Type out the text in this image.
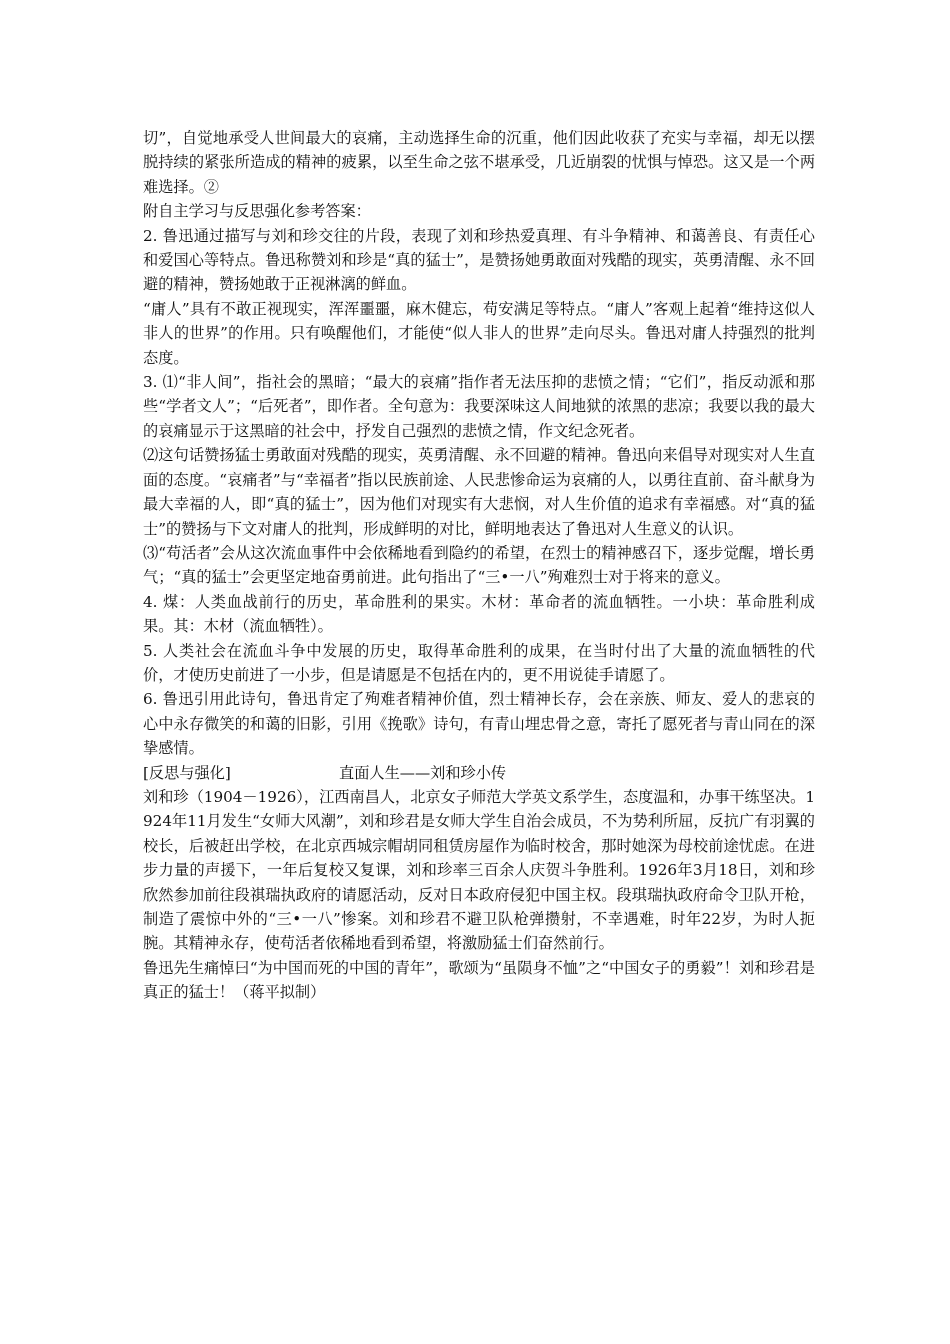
切”，自觉地承受人世间最大的哀痛，主动选择生命的沉重，他们因此收获了充实与幸福，却无以摆脱持续的紧张所造成的精神的疲累，以至生命之弦不堪承受，几近崩裂的忧惧与悼恐。这又是一个两难选择。②

附自主学习与反思强化参考答案：

2. 鲁迅通过描写与刘和珍交往的片段，表现了刘和珍热爱真理、有斗争精神、和蔼善良、有责任心和爱国心等特点。鲁迅称赞刘和珍是“真的猛士”，是赞扬她勇敢面对残酷的现实，英勇清醒、永不回避的精神，赞扬她敢于正视淋漓的鲜血。

“庸人”具有不敢正视现实，浑浑噩噩，麻木健忘，苟安满足等特点。“庸人”客观上起着“维持这似人非人的世界”的作用。只有唤醒他们，才能使“似人非人的世界”走向尽头。鲁迅对庸人持强烈的批判态度。

3. ⑴“非人间”，指社会的黑暗；“最大的哀痛”指作者无法压抑的悲愤之情；“它们”，指反动派和那些“学者文人”；“后死者”，即作者。全句意为：我要深味这人间地狱的浓黑的悲凉；我要以我的最大的哀痛显示于这黑暗的社会中，抒发自己强烈的悲愤之情，作文纪念死者。

⑵这句话赞扬猛士勇敢面对残酷的现实，英勇清醒、永不回避的精神。鲁迅向来倡导对现实对人生直面的态度。“哀痛者”与“幸福者”指以民族前途、人民悲惨命运为哀痛的人，以勇往直前、奋斗献身为最大幸福的人，即“真的猛士”，因为他们对现实有大悲悯，对人生价值的追求有幸福感。对“真的猛士”的赞扬与下文对庸人的批判，形成鲜明的对比，鲜明地表达了鲁迅对人生意义的认识。

⑶“苟活者”会从这次流血事件中会依稀地看到隐约的希望，在烈士的精神感召下，逐步觉醒，增长勇气；“真的猛士”会更坚定地奋勇前进。此句指出了“三•一八”殉难烈士对于将来的意义。

4. 煤：人类血战前行的历史，革命胜利的果实。木材：革命者的流血牺牲。一小块：革命胜利成果。其：木材（流血牺牲）。

5. 人类社会在流血斗争中发展的历史，取得革命胜利的成果，在当时付出了大量的流血牺牲的代价，才使历史前进了一小步，但是请愿是不包括在内的，更不用说徒手请愿了。

6. 鲁迅引用此诗句，鲁迅肯定了殉难者精神价值，烈士精神长存，会在亲族、师友、爱人的悲哀的心中永存微笑的和蔼的旧影，引用《挽歌》诗句，有青山埋忠骨之意，寄托了愿死者与青山同在的深挚感情。

[反思与强化]	直面人生——刘和珍小传

刘和珍（1904－1926），江西南昌人，北京女子师范大学英文系学生，态度温和，办事干练坚决。1924年11月发生“女师大风潮”，刘和珍君是女师大学生自治会成员，不为势利所屈，反抗广有羽翼的校长，后被赶出学校，在北京西城宗帽胡同租赁房屋作为临时校舍，那时她深为母校前途忧虑。在进步力量的声援下，一年后复校又复课，刘和珍率三百余人庆贺斗争胜利。1926年3月18日，刘和珍欣然参加前往段祺瑞执政府的请愿活动，反对日本政府侵犯中国主权。段琪瑞执政府命令卫队开枪，制造了震惊中外的“三•一八”惨案。刘和珍君不避卫队枪弹攒射，不幸遇难，时年22岁，为时人扼腕。其精神永存，使苟活者依稀地看到希望，将激励猛士们奋然前行。

鲁迅先生痛悼曰“为中国而死的中国的青年”，歌颂为“虽陨身不恤”之“中国女子的勇毅”！刘和珍君是真正的猛士！（蒋平拟制）
